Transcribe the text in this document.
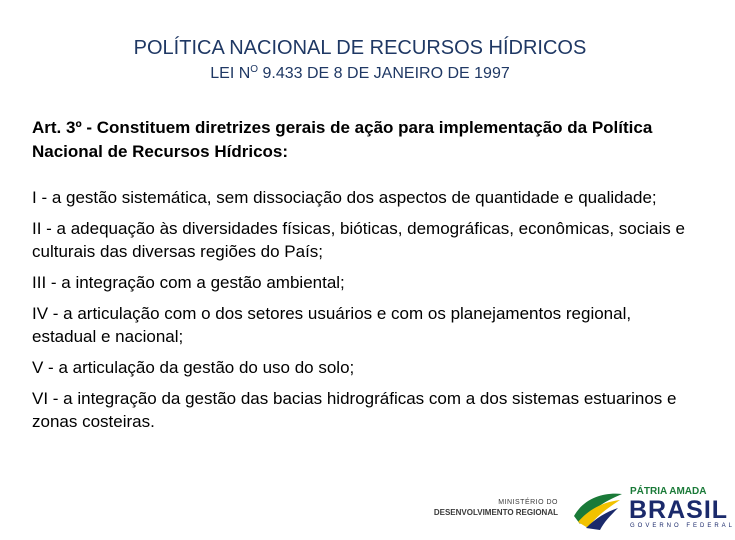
POLÍTICA NACIONAL DE RECURSOS HÍDRICOS
LEI $N^O$ 9.433 DE 8 DE JANEIRO DE 1997
Art. 3º - Constituem diretrizes gerais de ação para implementação da Política Nacional de Recursos Hídricos:
I - a gestão sistemática, sem dissociação dos aspectos de quantidade e qualidade;
II - a adequação às diversidades físicas, bióticas, demográficas, econômicas, sociais e culturais das diversas regiões do País;
III - a integração com a gestão ambiental;
IV - a articulação com o dos setores usuários e com os planejamentos regional, estadual e nacional;
V - a articulação da gestão do uso do solo;
VI - a integração da gestão das bacias hidrográficas com a dos sistemas estuarinos e zonas costeiras.
MINISTÉRIO DO
DESENVOLVIMENTO REGIONAL
PÁTRIA AMADA
BRASIL
GOVERNO FEDERAL
